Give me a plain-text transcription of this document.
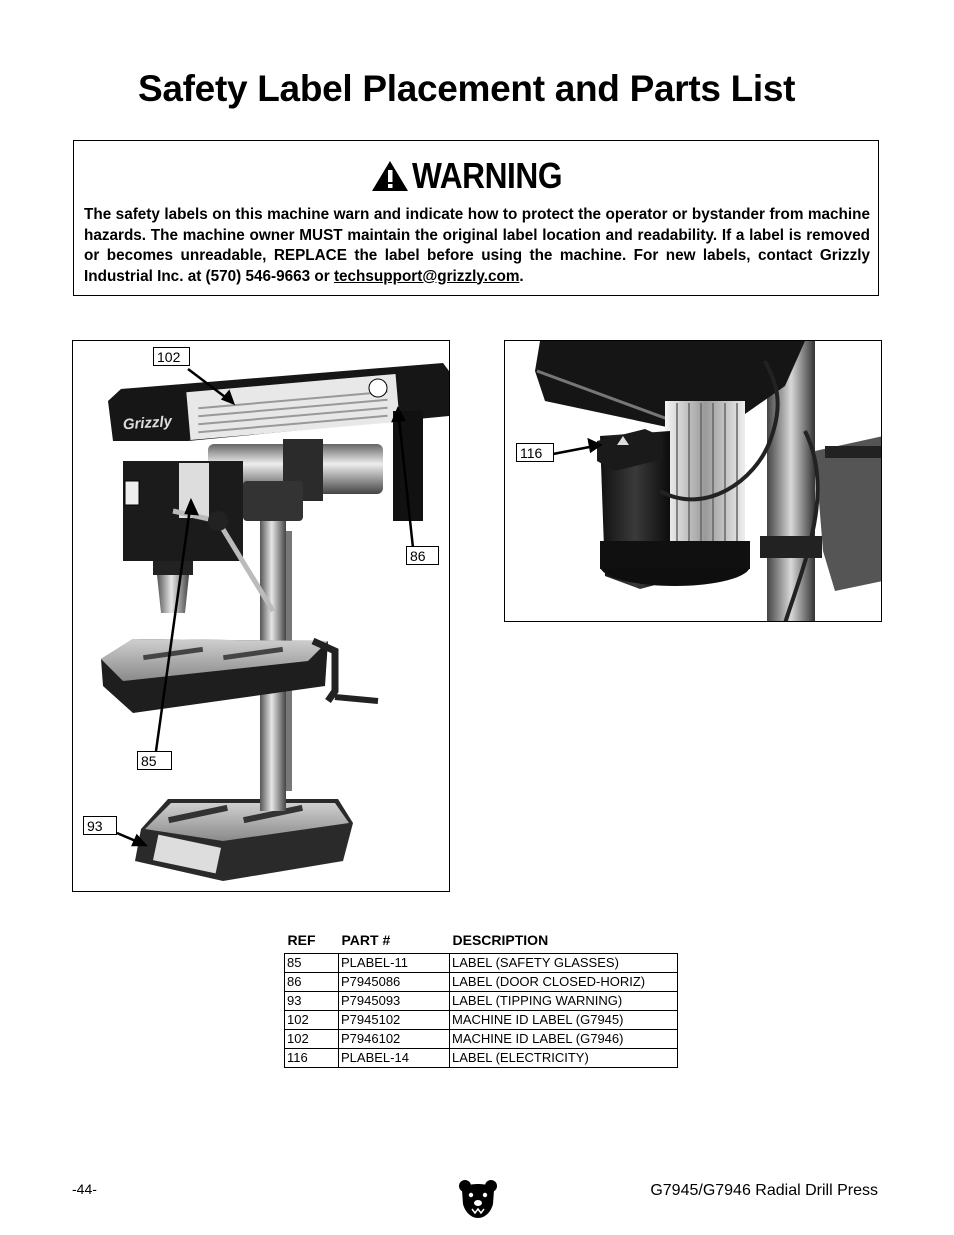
Safety Label Placement and Parts List
WARNING

The safety labels on this machine warn and indicate how to protect the operator or bystander from machine hazards. The machine owner MUST maintain the original label location and readability. If a label is removed or becomes unreadable, REPLACE the label before using the machine. For new labels, contact Grizzly Industrial Inc. at (570) 546-9663 or techsupport@grizzly.com.

Grizzly
102
86
85
93
116
REF	PART #	DESCRIPTION
85	PLABEL-11	LABEL (SAFETY GLASSES)
86	P7945086	LABEL (DOOR CLOSED-HORIZ)
93	P7945093	LABEL (TIPPING WARNING)
102	P7945102	MACHINE ID LABEL (G7945)
102	P7946102	MACHINE ID LABEL (G7946)
116	PLABEL-14	LABEL (ELECTRICITY)
-44-	G7945/G7946 Radial Drill Press
